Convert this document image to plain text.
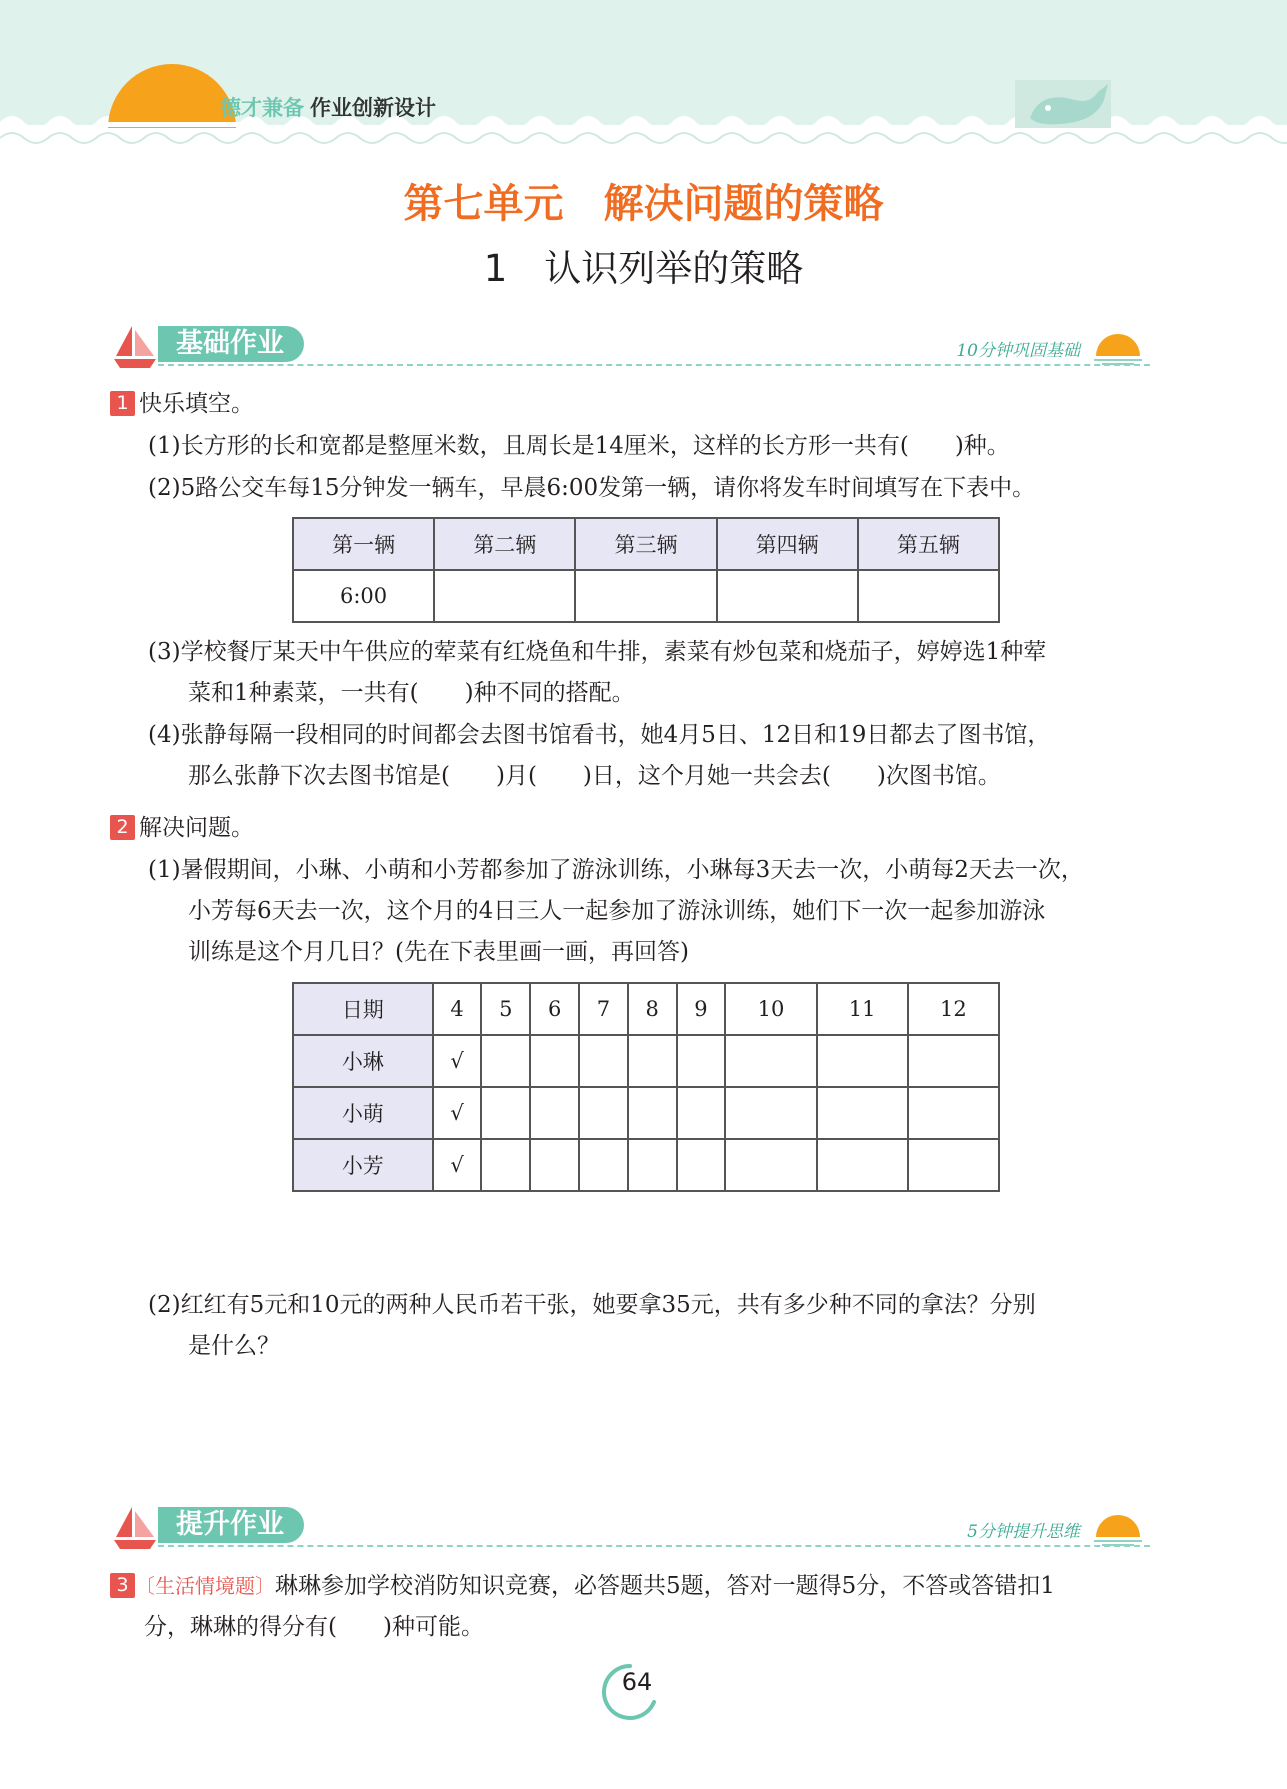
德才兼备 作业创新设计
第七单元　解决问题的策略
1　认识列举的策略
基础作业	10分钟巩固基础
1 快乐填空。
(1)长方形的长和宽都是整厘米数，且周长是14厘米，这样的长方形一共有(　　)种。
(2)5路公交车每15分钟发一辆车，早晨6:00发第一辆，请你将发车时间填写在下表中。
第一辆	第二辆	第三辆	第四辆	第五辆
6:00				
(3)学校餐厅某天中午供应的荤菜有红烧鱼和牛排，素菜有炒包菜和烧茄子，婷婷选1种荤
菜和1种素菜，一共有(　　)种不同的搭配。
(4)张静每隔一段相同的时间都会去图书馆看书，她4月5日、12日和19日都去了图书馆，
那么张静下次去图书馆是(　　)月(　　)日，这个月她一共会去(　　)次图书馆。
2 解决问题。
(1)暑假期间，小琳、小萌和小芳都参加了游泳训练，小琳每3天去一次，小萌每2天去一次，
小芳每6天去一次，这个月的4日三人一起参加了游泳训练，她们下一次一起参加游泳
训练是这个月几日？(先在下表里画一画，再回答)
日期	4	5	6	7	8	9	10	11	12
小琳	√								
小萌	√								
小芳	√								
(2)红红有5元和10元的两种人民币若干张，她要拿35元，共有多少种不同的拿法？分别
是什么？
提升作业	5分钟提升思维
3 〔生活情境题〕琳琳参加学校消防知识竞赛，必答题共5题，答对一题得5分，不答或答错扣1
分，琳琳的得分有(　　)种可能。
64
